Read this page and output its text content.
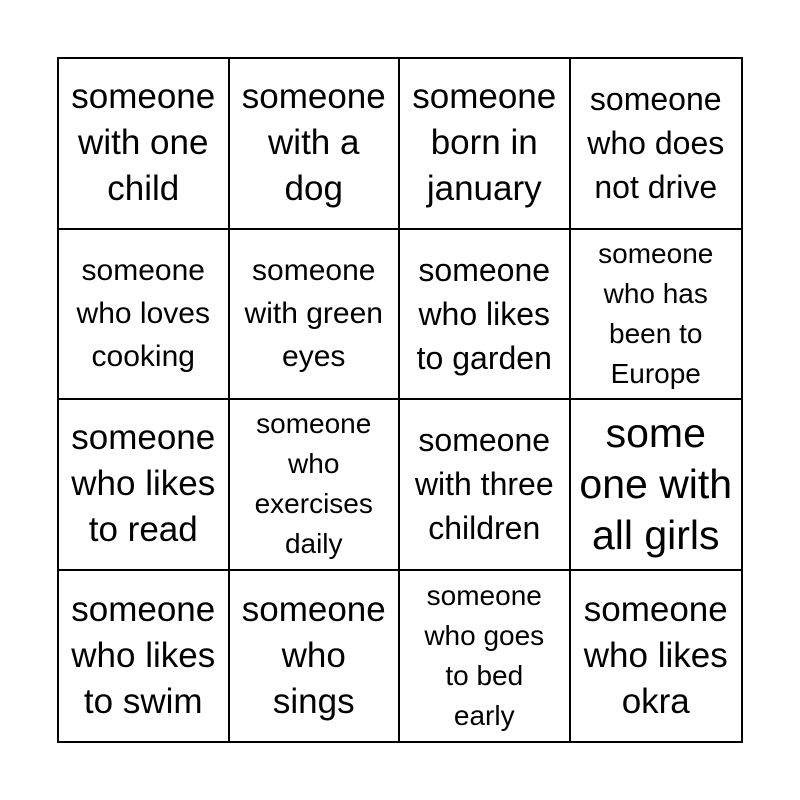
someone
with one
child
someone
with a
dog
someone
born in
january
someone
who does
not drive
someone
who loves
cooking
someone
with green
eyes
someone
who likes
to garden
someone
who has
been to
Europe
someone
who likes
to read
someone
who
exercises
daily
someone
with three
children
some
one with
all girls
someone
who likes
to swim
someone
who
sings
someone
who goes
to bed
early
someone
who likes
okra
